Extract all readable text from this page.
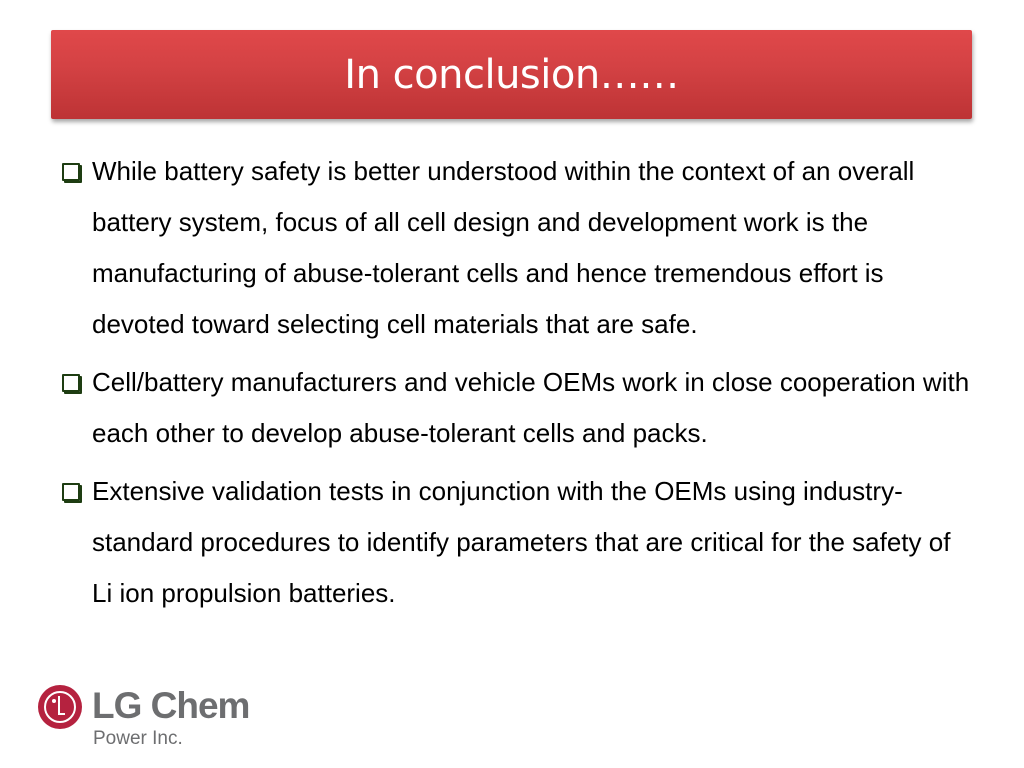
In conclusion……
While battery safety is better understood within the context of an overall battery system, focus of all cell design and development work is the manufacturing of abuse-tolerant cells and hence tremendous effort is devoted toward selecting cell materials that are safe.
Cell/battery manufacturers and vehicle OEMs work in close cooperation with each other to develop abuse-tolerant cells and packs.
Extensive validation tests in conjunction with the OEMs using industry-standard procedures to identify parameters that are critical for the safety of Li ion propulsion batteries.
LG Chem
Power Inc.
